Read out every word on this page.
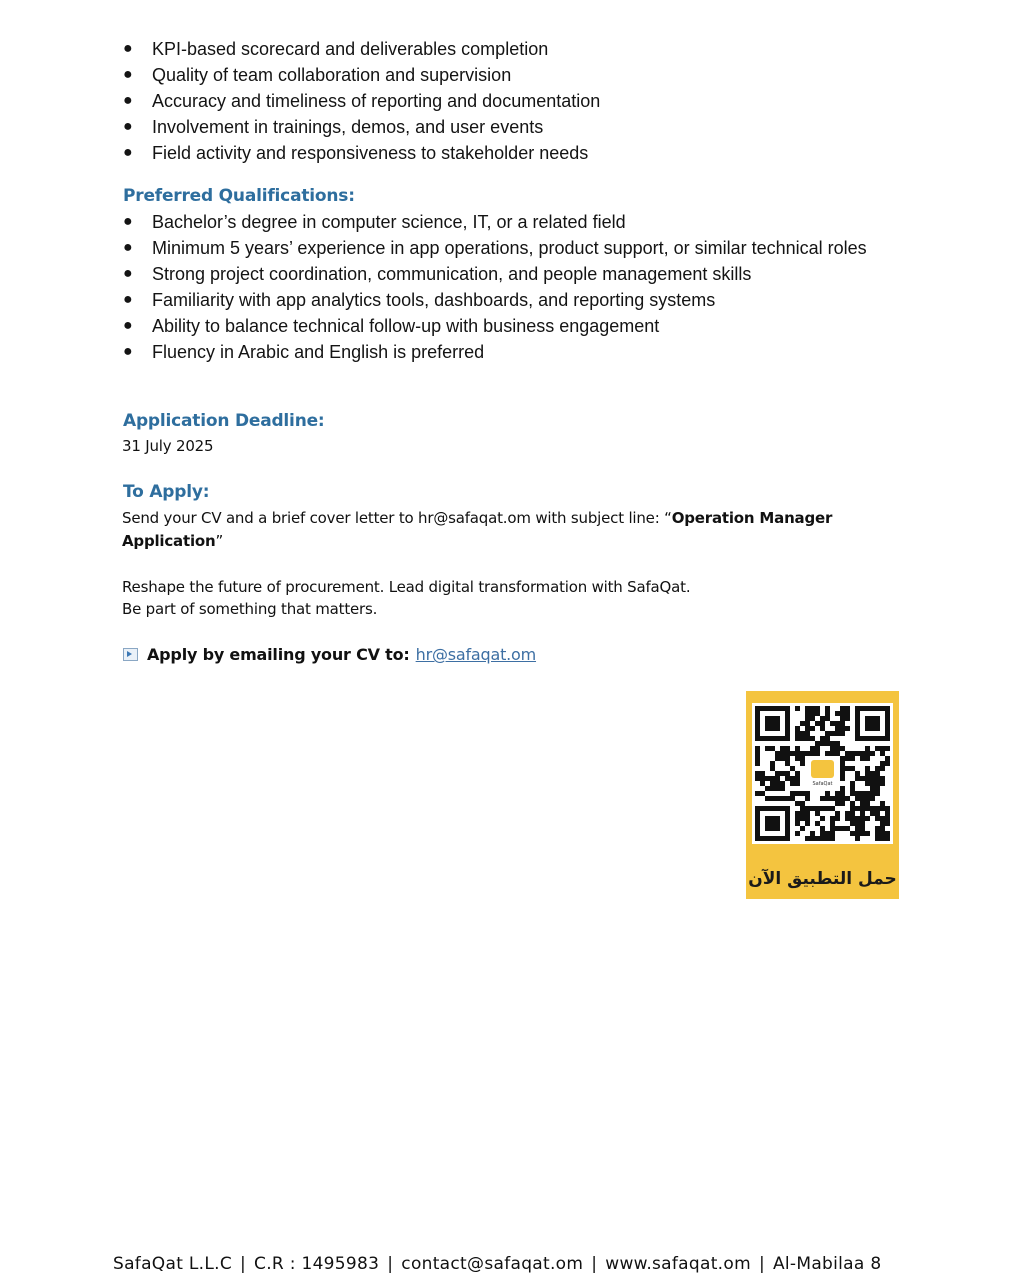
● KPI-based scorecard and deliverables completion
● Quality of team collaboration and supervision
● Accuracy and timeliness of reporting and documentation
● Involvement in trainings, demos, and user events
● Field activity and responsiveness to stakeholder needs
Preferred Qualifications:
● Bachelor’s degree in computer science, IT, or a related field
● Minimum 5 years’ experience in app operations, product support, or similar technical roles
● Strong project coordination, communication, and people management skills
● Familiarity with app analytics tools, dashboards, and reporting systems
● Ability to balance technical follow-up with business engagement
● Fluency in Arabic and English is preferred
Application Deadline:

31 July 2025

To Apply:

Send your CV and a brief cover letter to hr@safaqat.om with subject line: “Operation Manager Application”

Reshape the future of procurement. Lead digital transformation with SafaQat.

Be part of something that matters.

Apply by emailing your CV to: hr@safaqat.om
SafaQat
حمل التطبيق الآن
SafaQat L.L.C | C.R : 1495983 | contact@safaqat.om | www.safaqat.om | Al-Mabilaa 8
